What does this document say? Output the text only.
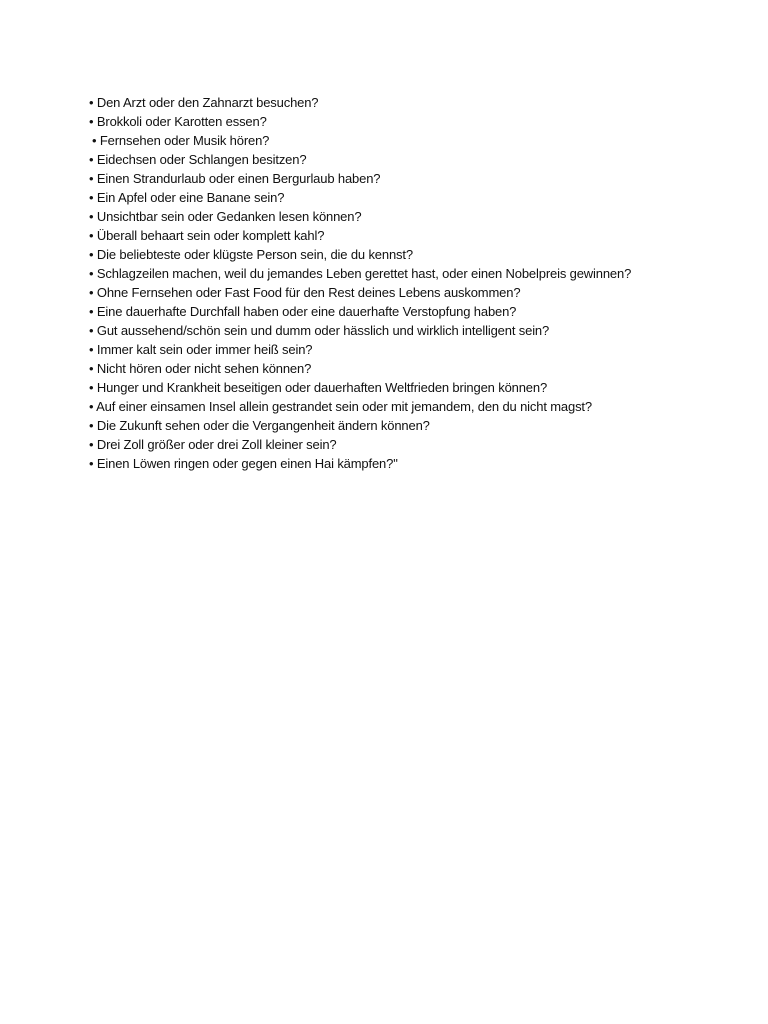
• Den Arzt oder den Zahnarzt besuchen?
• Brokkoli oder Karotten essen?
• Fernsehen oder Musik hören?
• Eidechsen oder Schlangen besitzen?
• Einen Strandurlaub oder einen Bergurlaub haben?
• Ein Apfel oder eine Banane sein?
• Unsichtbar sein oder Gedanken lesen können?
• Überall behaart sein oder komplett kahl?
• Die beliebteste oder klügste Person sein, die du kennst?
• Schlagzeilen machen, weil du jemandes Leben gerettet hast, oder einen Nobelpreis gewinnen?
• Ohne Fernsehen oder Fast Food für den Rest deines Lebens auskommen?
• Eine dauerhafte Durchfall haben oder eine dauerhafte Verstopfung haben?
• Gut aussehend/schön sein und dumm oder hässlich und wirklich intelligent sein?
• Immer kalt sein oder immer heiß sein?
• Nicht hören oder nicht sehen können?
• Hunger und Krankheit beseitigen oder dauerhaften Weltfrieden bringen können?
• Auf einer einsamen Insel allein gestrandet sein oder mit jemandem, den du nicht magst?
• Die Zukunft sehen oder die Vergangenheit ändern können?
• Drei Zoll größer oder drei Zoll kleiner sein?
• Einen Löwen ringen oder gegen einen Hai kämpfen?"
